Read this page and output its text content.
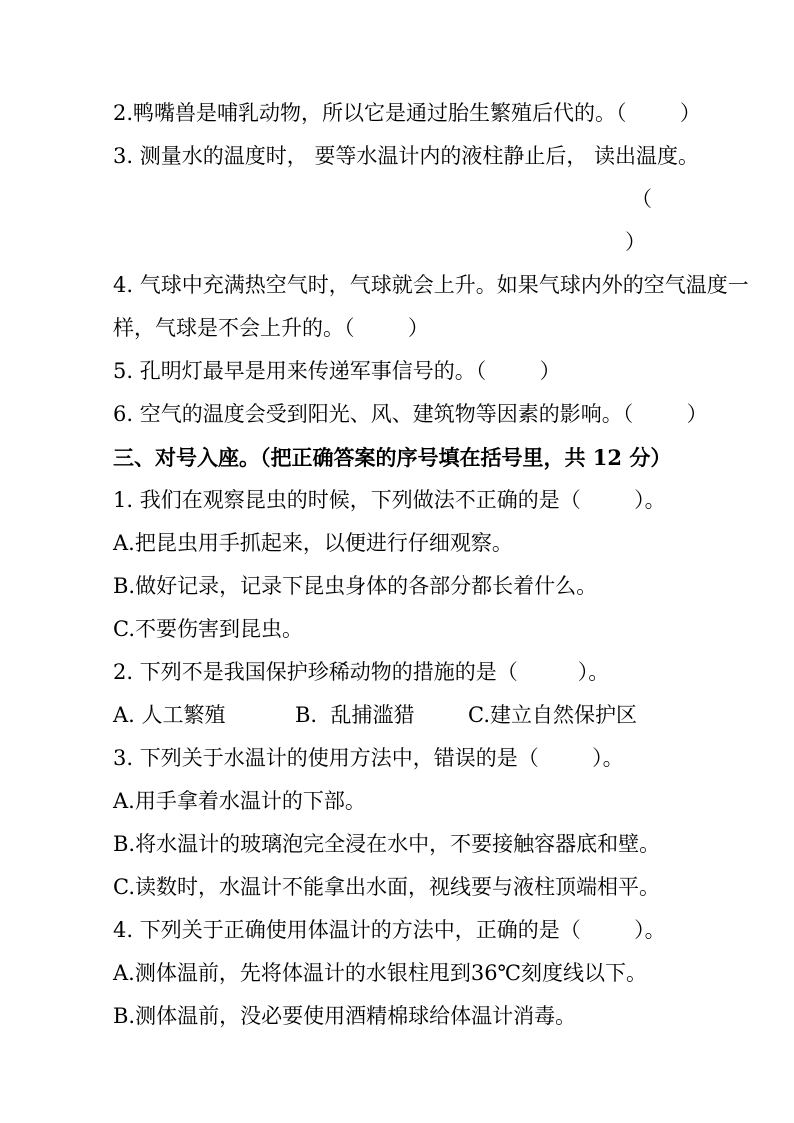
2.鸭嘴兽是哺乳动物，所以它是通过胎生繁殖后代的。（        ）
3. 测量水的温度时， 要等水温计内的液柱静止后， 读出温度。

（

）

4. 气球中充满热空气时，气球就会上升。如果气球内外的空气温度一
样，气球是不会上升的。（        ）
5. 孔明灯最早是用来传递军事信号的。（        ）
6. 空气的温度会受到阳光、风、建筑物等因素的影响。（        ）
三、对号入座。（把正确答案的序号填在括号里，共 12 分）
1. 我们在观察昆虫的时候，下列做法不正确的是（        ）。
A.把昆虫用手抓起来，以便进行仔细观察。
B.做好记录，记录下昆虫身体的各部分都长着什么。
C.不要伤害到昆虫。
2. 下列不是我国保护珍稀动物的措施的是（         ）。

A. 人工繁殖

	B.  乱捕滥猎

	C.建立自然保护区

3. 下列关于水温计的使用方法中，错误的是（        ）。
A.用手拿着水温计的下部。
B.将水温计的玻璃泡完全浸在水中，不要接触容器底和壁。
C.读数时，水温计不能拿出水面，视线要与液柱顶端相平。
4. 下列关于正确使用体温计的方法中，正确的是（        ）。
A.测体温前，先将体温计的水银柱甩到36℃刻度线以下。
B.测体温前，没必要使用酒精棉球给体温计消毒。
